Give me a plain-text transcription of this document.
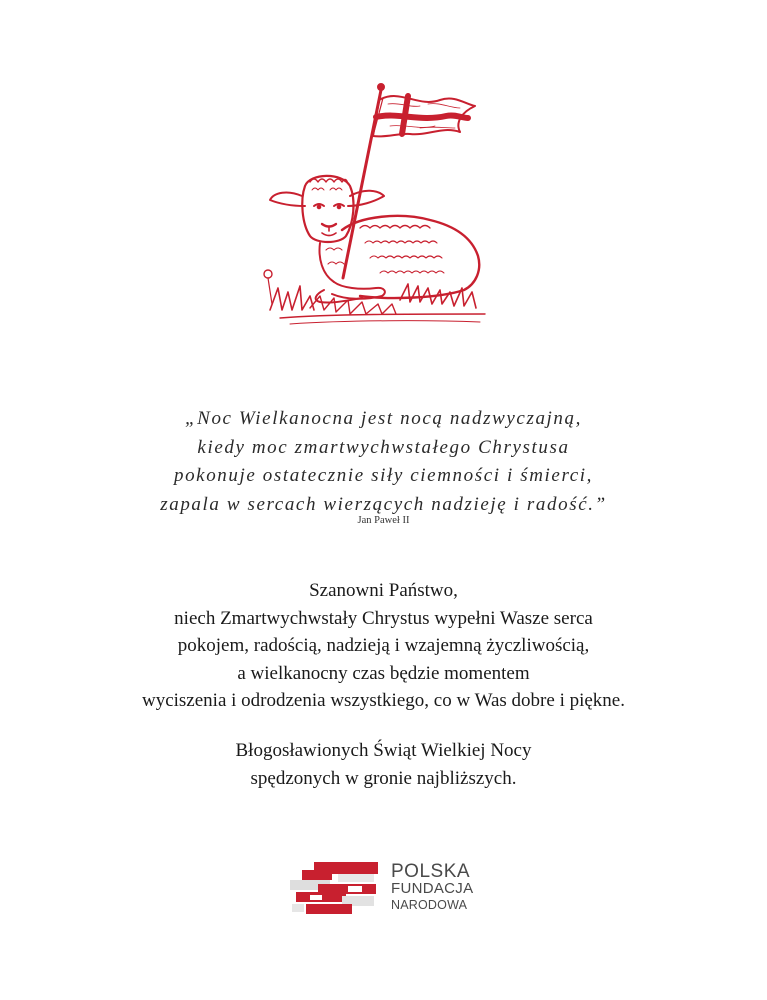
„Noc Wielkanocna jest nocą nadzwyczajną,
kiedy moc zmartwychwstałego Chrystusa
pokonuje ostatecznie siły ciemności i śmierci,
zapala w sercach wierzących nadzieję i radość.”
Jan Paweł II
Szanowni Państwo,
niech Zmartwychwstały Chrystus wypełni Wasze serca
pokojem, radością, nadzieją i wzajemną życzliwością,
a wielkanocny czas będzie momentem
wyciszenia i odrodzenia wszystkiego, co w Was dobre i piękne.
Błogosławionych Świąt Wielkiej Nocy
spędzonych w gronie najbliższych.
POLSKA
FUNDACJA
NARODOWA
